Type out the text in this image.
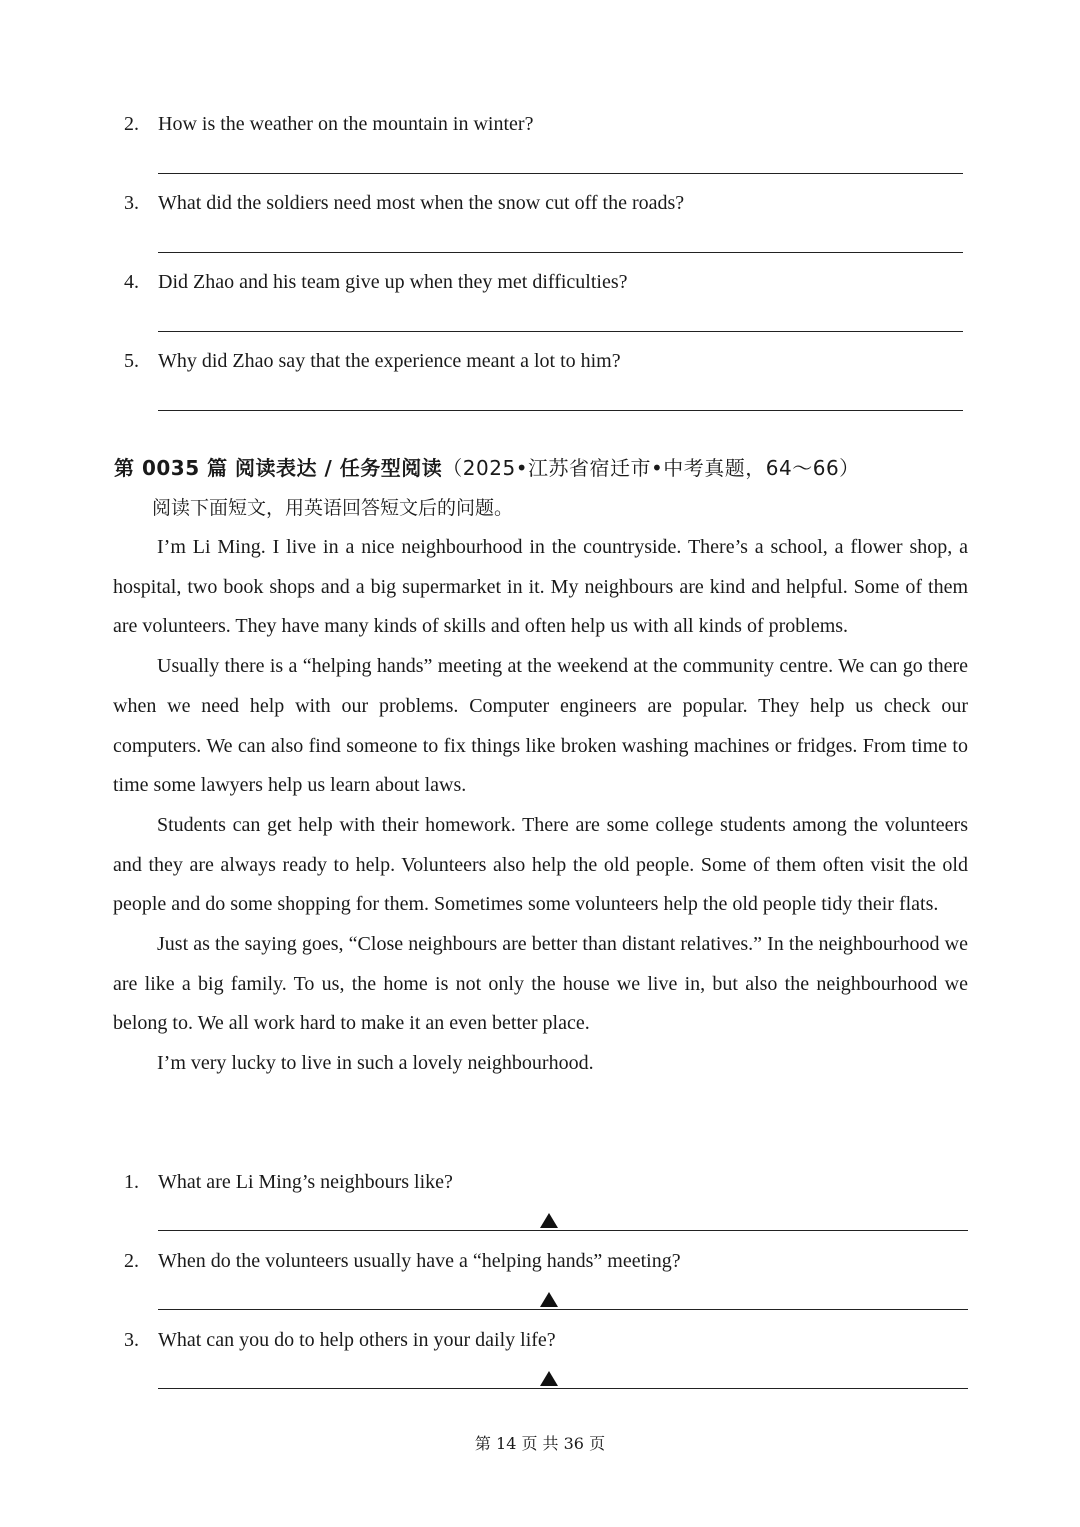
2. How is the weather on the mountain in winter?
3. What did the soldiers need most when the snow cut off the roads?
4. Did Zhao and his team give up when they met difficulties?
5. Why did Zhao say that the experience meant a lot to him?
第 0035 篇 阅读表达 / 任务型阅读（2025•江苏省宿迁市•中考真题，64～66）
阅读下面短文，用英语回答短文后的问题。

I’m Li Ming. I live in a nice neighbourhood in the countryside. There’s a school, a flower shop, a hospital, two book shops and a big supermarket in it. My neighbours are kind and helpful. Some of them are volunteers. They have many kinds of skills and often help us with all kinds of problems.

Usually there is a “helping hands” meeting at the weekend at the community centre. We can go there when we need help with our problems. Computer engineers are popular. They help us check our computers. We can also find someone to fix things like broken washing machines or fridges. From time to time some lawyers help us learn about laws.

Students can get help with their homework. There are some college students among the volunteers and they are always ready to help. Volunteers also help the old people. Some of them often visit the old people and do some shopping for them. Sometimes some volunteers help the old people tidy their flats.

Just as the saying goes, “Close neighbours are better than distant relatives.” In the neighbourhood we are like a big family. To us, the home is not only the house we live in, but also the neighbourhood we belong to. We all work hard to make it an even better place.

I’m very lucky to live in such a lovely neighbourhood.

1. What are Li Ming’s neighbours like?
2. When do the volunteers usually have a “helping hands” meeting?
3. What can you do to help others in your daily life?
第 14 页 共 36 页
